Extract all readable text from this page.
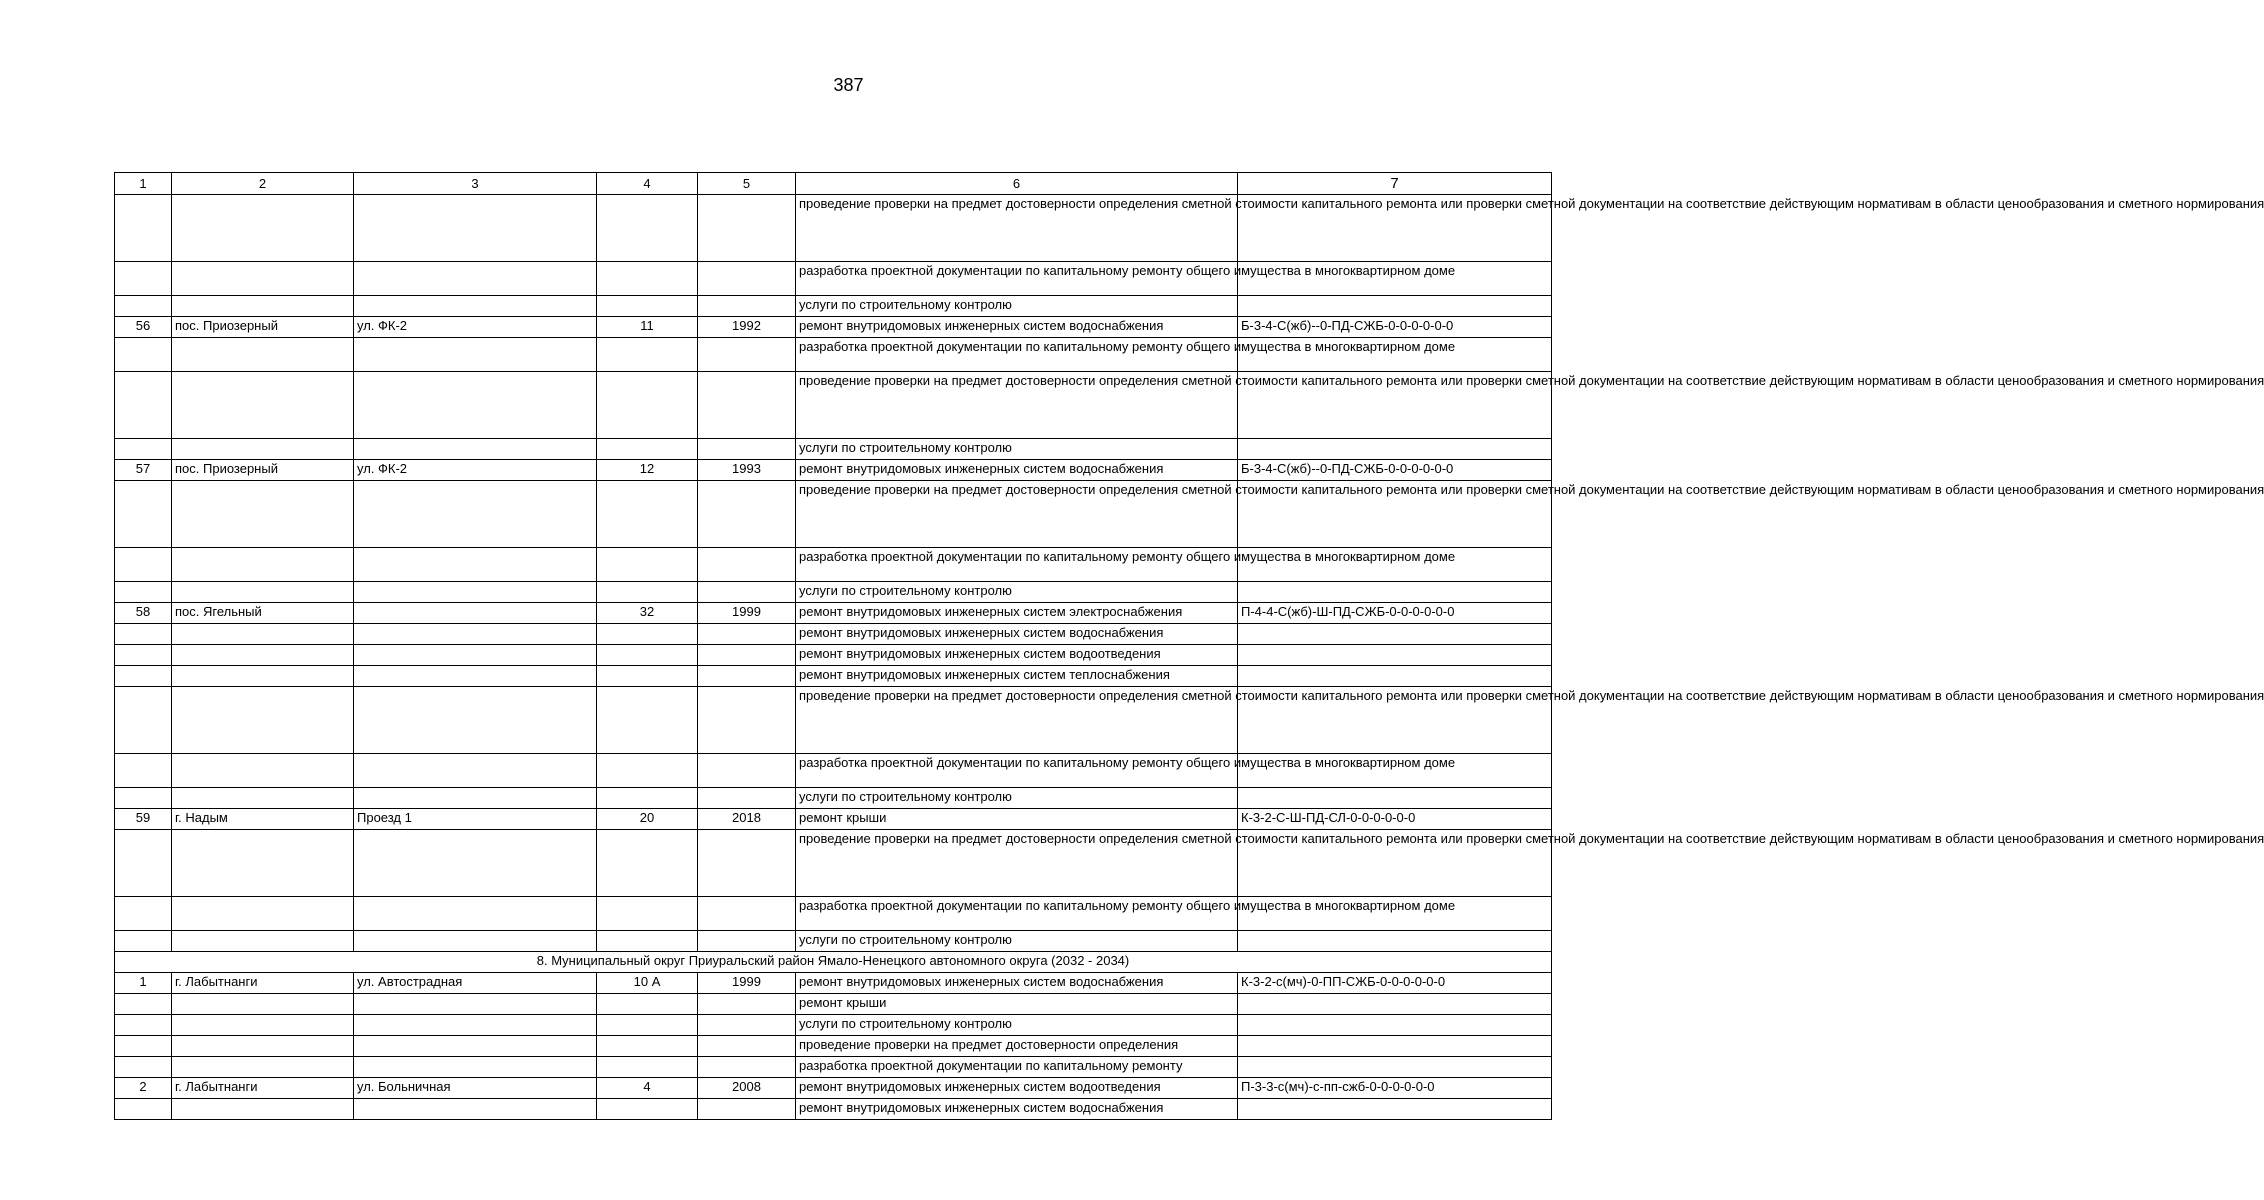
387
1	2	3	4	5	6	7
					проведение проверки на предмет достоверности определения сметной стоимости капитального ремонта или проверки сметной документации на соответствие действующим нормативам в области ценообразования и сметного нормирования	
					разработка проектной документации по капитальному ремонту общего имущества в многоквартирном доме	
					услуги по строительному контролю	
56	пос. Приозерный	ул. ФК-2	11	1992	ремонт внутридомовых инженерных систем водоснабжения	Б-3-4-С(жб)--0-ПД-СЖБ-0-0-0-0-0-0
					разработка проектной документации по капитальному ремонту общего имущества в многоквартирном доме	
					проведение проверки на предмет достоверности определения сметной стоимости капитального ремонта или проверки сметной документации на соответствие действующим нормативам в области ценообразования и сметного нормирования	
					услуги по строительному контролю	
57	пос. Приозерный	ул. ФК-2	12	1993	ремонт внутридомовых инженерных систем водоснабжения	Б-3-4-С(жб)--0-ПД-СЖБ-0-0-0-0-0-0
					проведение проверки на предмет достоверности определения сметной стоимости капитального ремонта или проверки сметной документации на соответствие действующим нормативам в области ценообразования и сметного нормирования	
					разработка проектной документации по капитальному ремонту общего имущества в многоквартирном доме	
					услуги по строительному контролю	
58	пос. Ягельный		32	1999	ремонт внутридомовых инженерных систем электроснабжения	П-4-4-С(жб)-Ш-ПД-СЖБ-0-0-0-0-0-0
					ремонт внутридомовых инженерных систем водоснабжения	
					ремонт внутридомовых инженерных систем водоотведения	
					ремонт внутридомовых инженерных систем теплоснабжения	
					проведение проверки на предмет достоверности определения сметной стоимости капитального ремонта или проверки сметной документации на соответствие действующим нормативам в области ценообразования и сметного нормирования	
					разработка проектной документации по капитальному ремонту общего имущества в многоквартирном доме	
					услуги по строительному контролю	
59	г. Надым	Проезд 1	20	2018	ремонт крыши	К-3-2-С-Ш-ПД-СЛ-0-0-0-0-0-0
					проведение проверки на предмет достоверности определения сметной стоимости капитального ремонта или проверки сметной документации на соответствие действующим нормативам в области ценообразования и сметного нормирования	
					разработка проектной документации по капитальному ремонту общего имущества в многоквартирном доме	
					услуги по строительному контролю	
8. Муниципальный округ Приуральский район Ямало-Ненецкого автономного округа (2032 - 2034)						
1	г. Лабытнанги	ул. Автострадная	10 А	1999	ремонт внутридомовых инженерных систем водоснабжения	К-3-2-с(мч)-0-ПП-СЖБ-0-0-0-0-0-0
					ремонт крыши	
					услуги по строительному контролю	
					проведение проверки на предмет достоверности определения	
					разработка проектной документации по капитальному ремонту	
2	г. Лабытнанги	ул. Больничная	4	2008	ремонт внутридомовых инженерных систем водоотведения	П-3-3-с(мч)-с-пп-сжб-0-0-0-0-0-0
					ремонт внутридомовых инженерных систем водоснабжения	
